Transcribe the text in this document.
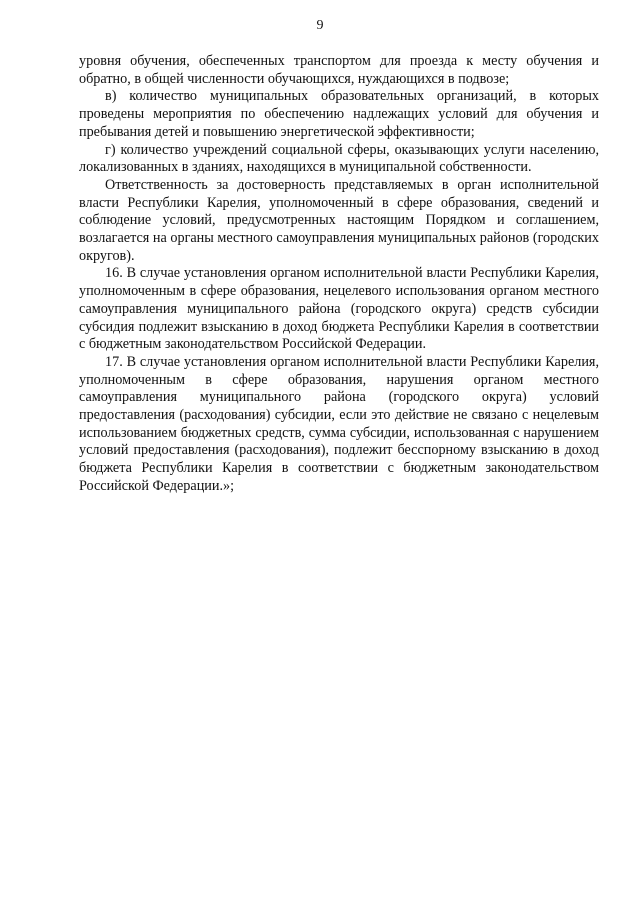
9

уровня обучения, обеспеченных транспортом для проезда к месту обучения и обратно, в общей численности обучающихся, нуждающихся в подвозе;

в) количество муниципальных образовательных организаций, в которых проведены мероприятия по обеспечению надлежащих условий для обучения и пребывания детей и повышению энергетической эффективности;

г) количество учреждений социальной сферы, оказывающих услуги населению, локализованных в зданиях, находящихся в муниципальной собственности.

Ответственность за достоверность представляемых в орган исполнительной власти Республики Карелия, уполномоченный в сфере образования, сведений и соблюдение условий, предусмотренных настоящим Порядком и соглашением, возлагается на органы местного самоуправления муниципальных районов (городских округов).

16. В случае установления органом исполнительной власти Республики Карелия, уполномоченным в сфере образования, нецелевого использования органом местного самоуправления муниципального района (городского округа) средств субсидии субсидия подлежит взысканию в доход бюджета Республики Карелия в соответствии с бюджетным законодательством Российской Федерации.

17. В случае установления органом исполнительной власти Республики Карелия, уполномоченным в сфере образования, нарушения органом местного самоуправления муниципального района (городского округа) условий предоставления (расходования) субсидии, если это действие не связано с нецелевым использованием бюджетных средств, сумма субсидии, использованная с нарушением условий предоставления (расходования), подлежит бесспорному взысканию в доход бюджета Республики Карелия в соответствии с бюджетным законодательством Российской Федерации.»;
